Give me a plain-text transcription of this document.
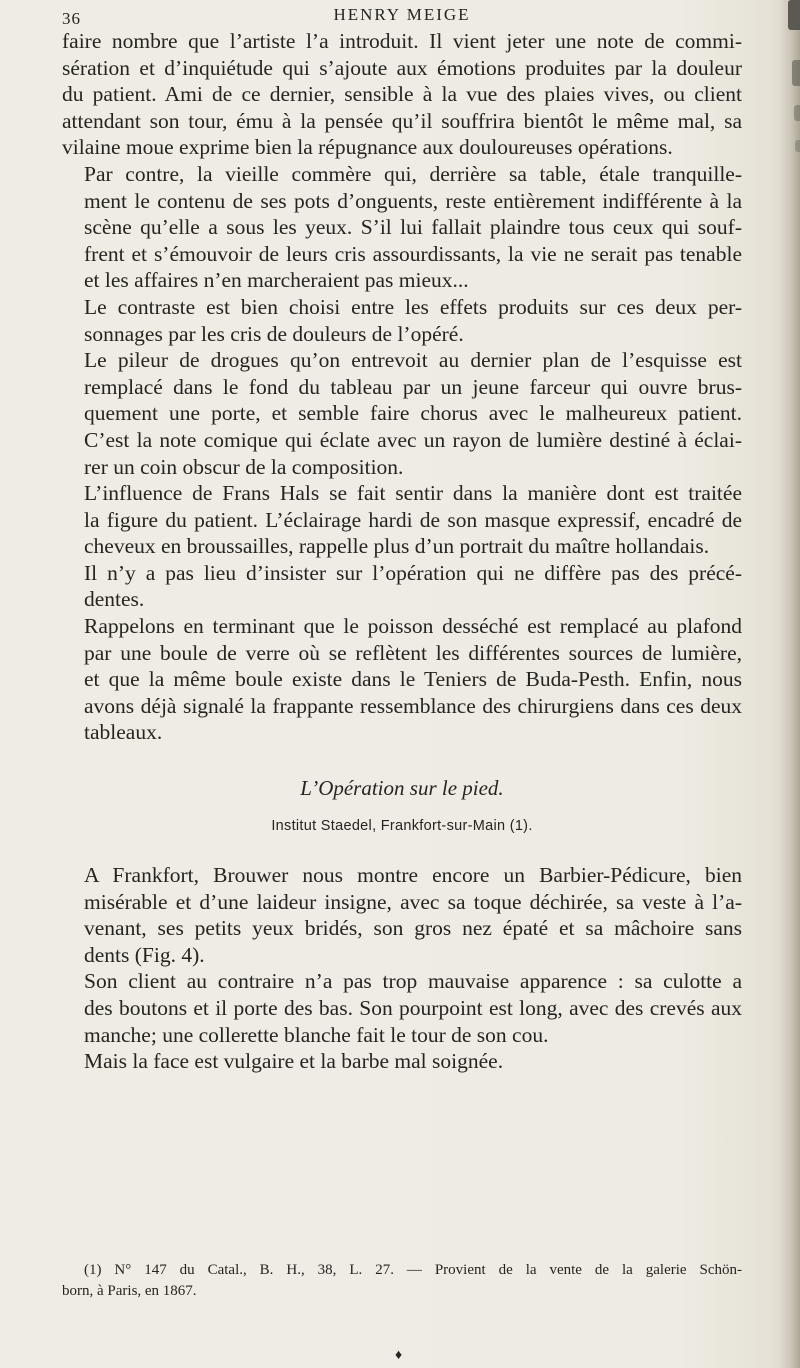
36	HENRY MEIGE

faire nombre que l’artiste l’a introduit. Il vient jeter une note de commi-
sération et d’inquiétude qui s’ajoute aux émotions produites par la douleur
du patient. Ami de ce dernier, sensible à la vue des plaies vives, ou client
attendant son tour, ému à la pensée qu’il souffrira bientôt le même mal, sa
vilaine moue exprime bien la répugnance aux douloureuses opérations.

Par contre, la vieille commère qui, derrière sa table, étale tranquille-
ment le contenu de ses pots d’onguents, reste entièrement indifférente à la
scène qu’elle a sous les yeux. S’il lui fallait plaindre tous ceux qui souf-
frent et s’émouvoir de leurs cris assourdissants, la vie ne serait pas tenable
et les affaires n’en marcheraient pas mieux...

Le contraste est bien choisi entre les effets produits sur ces deux per-
sonnages par les cris de douleurs de l’opéré.

Le pileur de drogues qu’on entrevoit au dernier plan de l’esquisse est
remplacé dans le fond du tableau par un jeune farceur qui ouvre brus-
quement une porte, et semble faire chorus avec le malheureux patient.
C’est la note comique qui éclate avec un rayon de lumière destiné à éclai-
rer un coin obscur de la composition.

L’influence de Frans Hals se fait sentir dans la manière dont est traitée
la figure du patient. L’éclairage hardi de son masque expressif, encadré de
cheveux en broussailles, rappelle plus d’un portrait du maître hollandais.

Il n’y a pas lieu d’insister sur l’opération qui ne diffère pas des précé-
dentes.

Rappelons en terminant que le poisson desséché est remplacé au plafond
par une boule de verre où se reflètent les différentes sources de lumière,
et que la même boule existe dans le Teniers de Buda-Pesth. Enfin, nous
avons déjà signalé la frappante ressemblance des chirurgiens dans ces deux
tableaux.

L’Opération sur le pied.
Institut Staedel, Frankfort-sur-Main (1).

A Frankfort, Brouwer nous montre encore un Barbier-Pédicure, bien
misérable et d’une laideur insigne, avec sa toque déchirée, sa veste à l’a-
venant, ses petits yeux bridés, son gros nez épaté et sa mâchoire sans
dents (Fig. 4).

Son client au contraire n’a pas trop mauvaise apparence : sa culotte a
des boutons et il porte des bas. Son pourpoint est long, avec des crevés aux
manche; une collerette blanche fait le tour de son cou.

Mais la face est vulgaire et la barbe mal soignée.

(1) N° 147 du Catal., B. H., 38, L. 27. — Provient de la vente de la galerie Schön-
born, à Paris, en 1867.
♦
